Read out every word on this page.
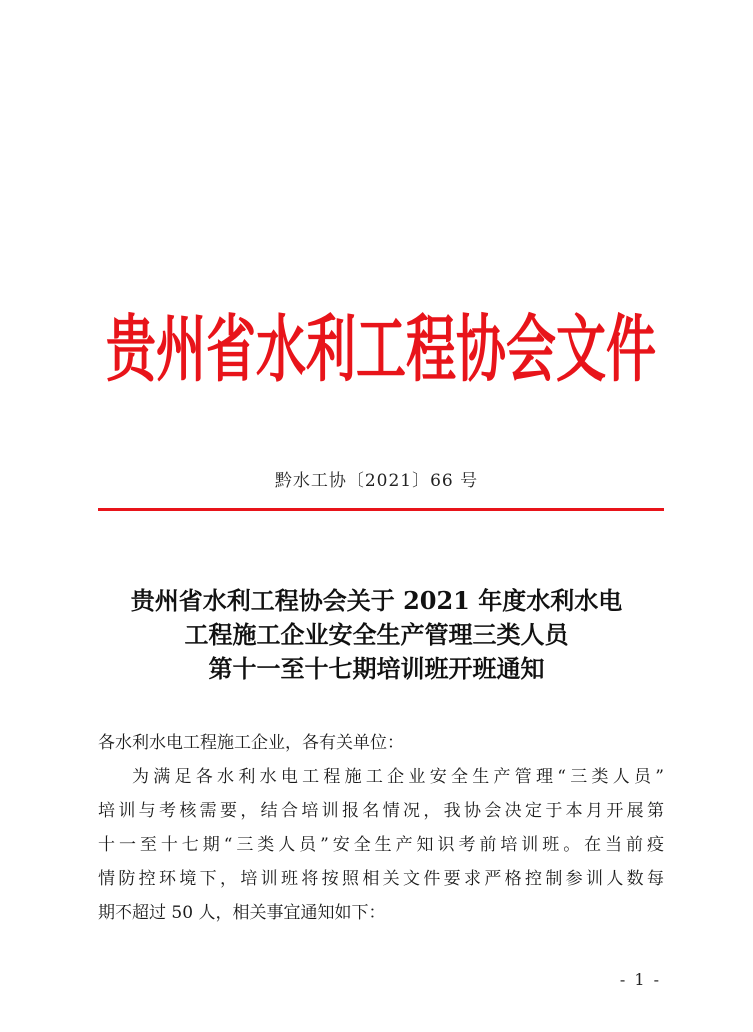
贵州省水利工程协会文件
黔水工协〔2021〕66 号
贵州省水利工程协会关于 2021 年度水利水电
工程施工企业安全生产管理三类人员
第十一至十七期培训班开班通知
各水利水电工程施工企业，各有关单位：
为满足各水利水电工程施工企业安全生产管理“三类人员”
培训与考核需要，结合培训报名情况，我协会决定于本月开展第
十一至十七期“三类人员”安全生产知识考前培训班。在当前疫
情防控环境下，培训班将按照相关文件要求严格控制参训人数每
期不超过 50 人，相关事宜通知如下：
- 1 -
